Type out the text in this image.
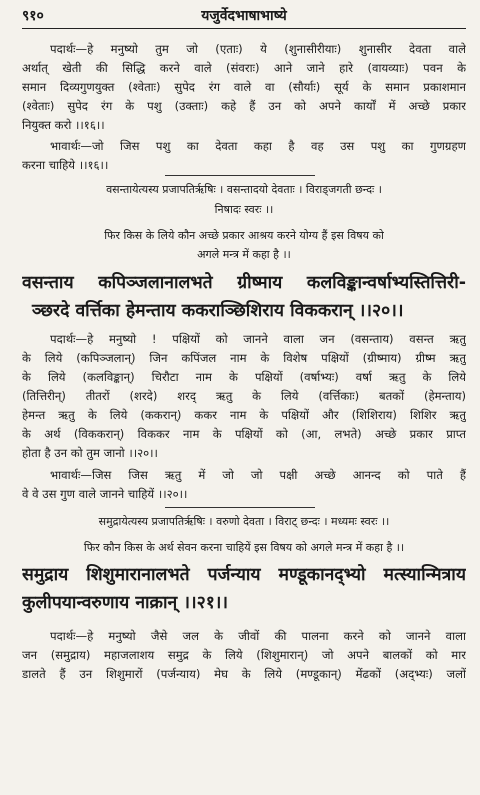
९१०	यजुर्वेदभाषाभाष्ये
पदार्थः—हे मनुष्यो तुम जो (एताः) ये (शुनासीरीयाः) शुनासीर देवता वाले
अर्थात् खेती की सिद्धि करने वाले (संवराः) आने जाने हारे (वायव्याः) पवन के
समान दिव्यगुणयुक्त (श्वेताः) सुपेद रंग वाले वा (सौर्याः) सूर्य के समान प्रकाशमान
(श्वेताः) सुपेद रंग के पशु (उक्ताः) कहे हैं उन को अपने कार्यों में अच्छे प्रकार
नियुक्त करो ।।१६।।
भावार्थः—जो जिस पशु का देवता कहा है वह उस पशु का गुणग्रहण
करना चाहिये ।।१६।।
वसन्तायेत्यस्य प्रजापतिर्ऋषिः । वसन्तादयो देवताः । विराड्जगती छन्दः ।
निषादः स्वरः ।।
फिर किस के लिये कौन अच्छे प्रकार आश्रय करने योग्य हैं इस विषय को
अगले मन्त्र में कहा है ।।
वसन्ताय कपिञ्जलानालभते ग्रीष्माय कलविङ्कान्वर्षाभ्यस्तित्तिरी-
ञ्छरदे वर्त्तिका हेमन्ताय ककराञ्छिशिराय विककरान् ।।२०।।
पदार्थः—हे मनुष्यो ! पक्षियों को जानने वाला जन (वसन्ताय) वसन्त ऋतु
के लिये (कपिञ्जलान्) जिन कपिंजल नाम के विशेष पक्षियों (ग्रीष्माय) ग्रीष्म ऋतु
के लिये (कलविङ्कान्) चिरौटा नाम के पक्षियों (वर्षाभ्यः) वर्षा ऋतु के लिये
(तित्तिरीन्) तीतरों (शरदे) शरद् ऋतु के लिये (वर्त्तिकाः) बतकों (हेमन्ताय)
हेमन्त ऋतु के लिये (ककरान्) ककर नाम के पक्षियों और (शिशिराय) शिशिर ऋतु
के अर्थ (विककरान्) विककर नाम के पक्षियों को (आ, लभते) अच्छे प्रकार प्राप्त
होता है उन को तुम जानो ।।२०।।
भावार्थः—जिस जिस ऋतु में जो जो पक्षी अच्छे आनन्द को पाते हैं
वे वे उस गुण वाले जानने चाहियें ।।२०।।
समुद्रायेत्यस्य प्रजापतिर्ऋषिः । वरुणो देवता । विराट् छन्दः । मध्यमः स्वरः ।।
फिर कौन किस के अर्थ सेवन करना चाहियें इस विषय को अगले मन्त्र में कहा है ।।
समुद्राय शिशुमारानालभते पर्जन्याय मण्डूकानद्भ्यो मत्स्यान्मित्राय
कुलीपयान्वरुणाय नाक्रान् ।।२१।।
पदार्थः—हे मनुष्यो जैसे जल के जीवों की पालना करने को जानने वाला
जन (समुद्राय) महाजलाशय समुद्र के लिये (शिशुमारान्) जो अपने बालकों को मार
डालते हैं उन शिशुमारों (पर्जन्याय) मेघ के लिये (मण्डूकान्) मेंढकों (अद्भ्यः) जलों
